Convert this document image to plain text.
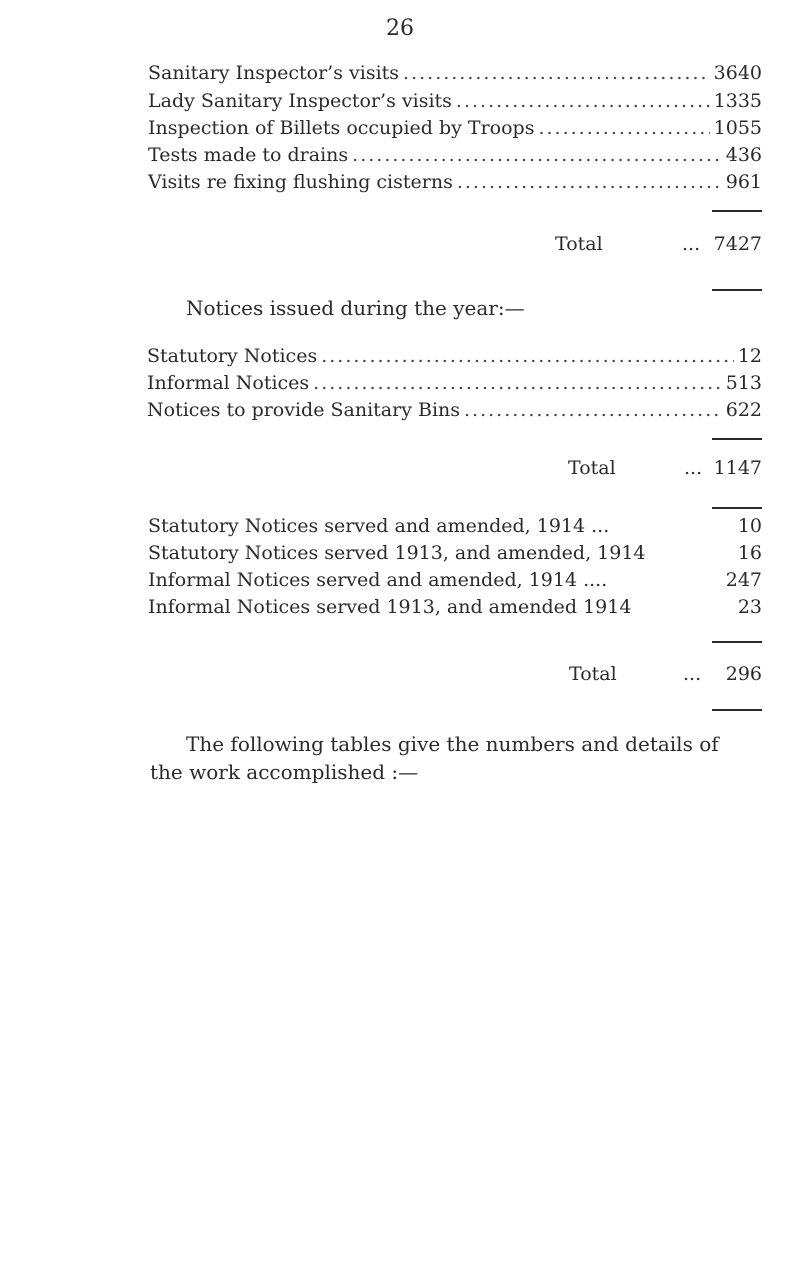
26
Sanitary Inspector’s visits .....	3640
Lady Sanitary Inspector’s visits .....	1335
Inspection of Billets occupied by Troops .....	1055
Tests made to drains .....	436
Visits re fixing flushing cisterns .....	961
Total	... 7427
Notices issued during the year:—
Statutory Notices .....	12
Informal Notices .....	513
Notices to provide Sanitary Bins .....	622
Total	... 1147
Statutory Notices served and amended, 1914 ...	10
Statutory Notices served 1913, and amended, 1914	16
Informal Notices served and amended, 1914 ....	247
Informal Notices served 1913, and amended 1914	23
Total	... 296
The following tables give the numbers and details of
the work accomplished :—
